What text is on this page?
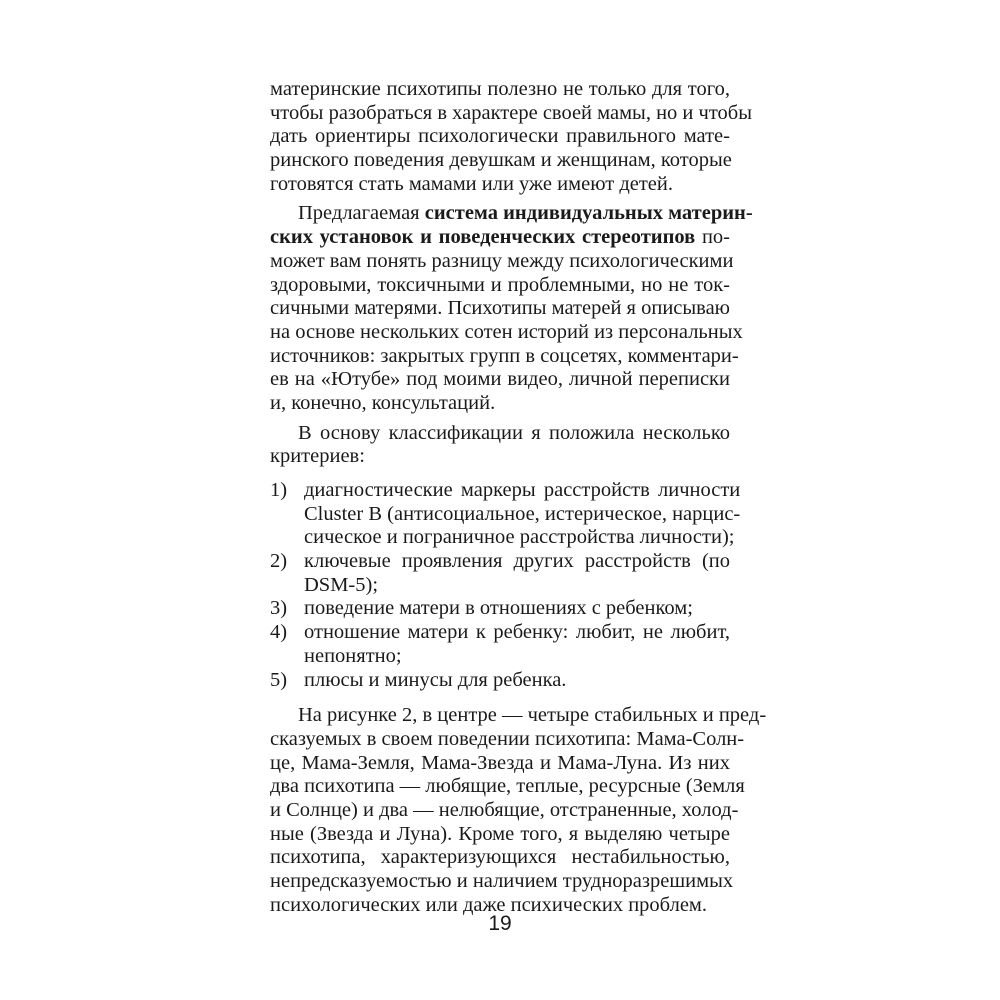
материнские психотипы полезно не только для того,
чтобы разобраться в характере своей мамы, но и чтобы
дать ориентиры психологически правильного мате-
ринского поведения девушкам и женщинам, которые
готовятся стать мамами или уже имеют детей.
Предлагаемая система индивидуальных материн-
ских установок и поведенческих стереотипов по-
может вам понять разницу между психологическими
здоровыми, токсичными и проблемными, но не ток-
сичными матерями. Психотипы матерей я описываю
на основе нескольких сотен историй из персональных
источников: закрытых групп в соцсетях, комментари-
ев на «Ютубе» под моими видео, личной переписки
и, конечно, консультаций.
В основу классификации я положила несколько
критериев:
1) диагностические маркеры расстройств личности
Cluster B (антисоциальное, истерическое, нарцис-
сическое и пограничное расстройства личности);
2) ключевые проявления других расстройств (по
DSM-5);
3) поведение матери в отношениях с ребенком;
4) отношение матери к ребенку: любит, не любит,
непонятно;
5) плюсы и минусы для ребенка.
На рисунке 2, в центре — четыре стабильных и пред-
сказуемых в своем поведении психотипа: Мама-Солн-
це, Мама-Земля, Мама-Звезда и Мама-Луна. Из них
два психотипа — любящие, теплые, ресурсные (Земля
и Солнце) и два — нелюбящие, отстраненные, холод-
ные (Звезда и Луна). Кроме того, я выделяю четыре
психотипа, характеризующихся нестабильностью,
непредсказуемостью и наличием трудноразрешимых
психологических или даже психических проблем.
19
